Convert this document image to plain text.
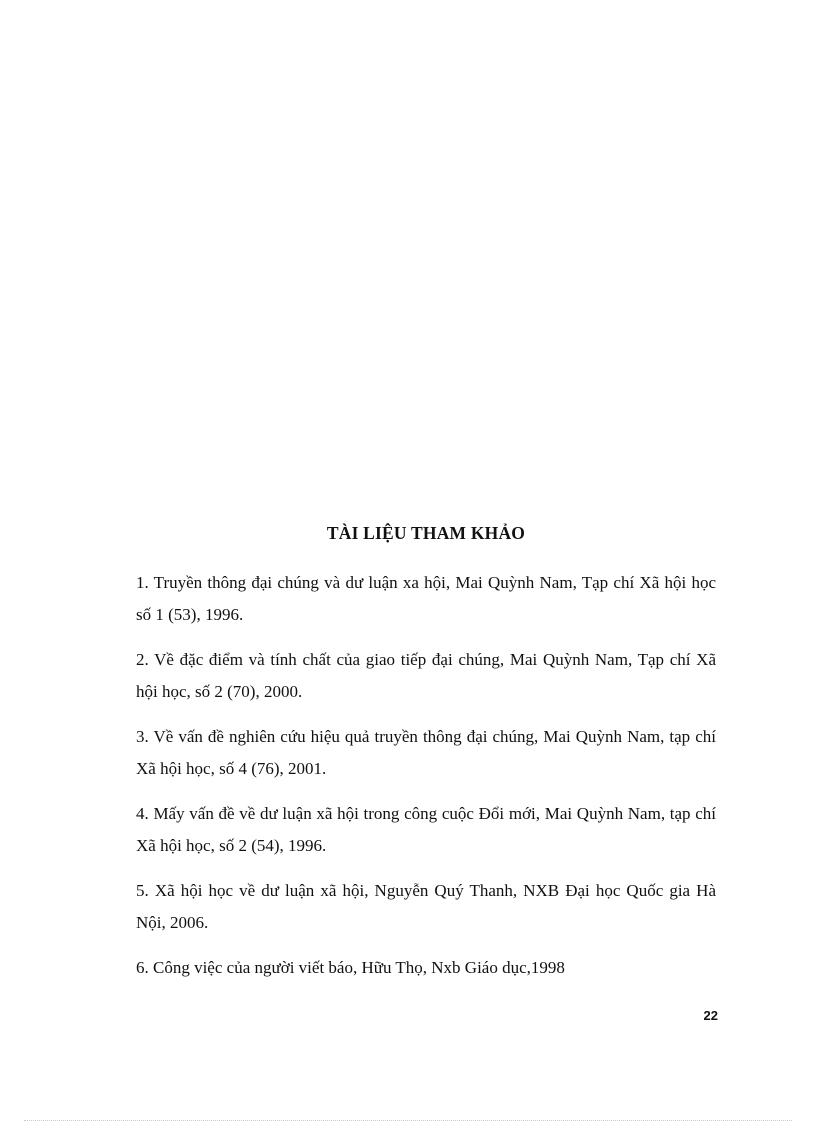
TÀI LIỆU THAM KHẢO
1. Truyền thông đại chúng và dư luận xa hội, Mai Quỳnh Nam, Tạp chí Xã hội học số 1 (53), 1996.
2. Về đặc điểm và tính chất của giao tiếp đại chúng, Mai Quỳnh Nam, Tạp chí Xã hội học, số 2 (70), 2000.
3. Về vấn đề nghiên cứu hiệu quả truyền thông đại chúng, Mai Quỳnh Nam, tạp chí Xã hội học, số 4 (76), 2001.
4. Mấy vấn đề về dư luận xã hội trong công cuộc Đổi mới, Mai Quỳnh Nam, tạp chí Xã hội học, số 2 (54), 1996.
5. Xã hội học về dư luận xã hội, Nguyễn Quý Thanh, NXB Đại học Quốc gia Hà Nội, 2006.
6. Công việc của người viết báo, Hữu Thọ, Nxb Giáo dục,1998

22
